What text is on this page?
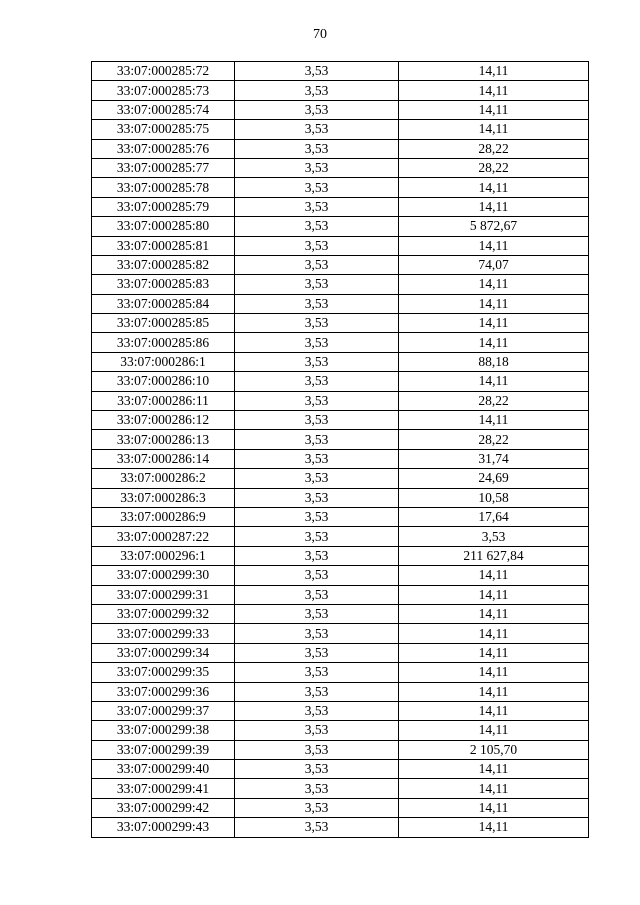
70
33:07:000285:72	3,53	14,11
33:07:000285:73	3,53	14,11
33:07:000285:74	3,53	14,11
33:07:000285:75	3,53	14,11
33:07:000285:76	3,53	28,22
33:07:000285:77	3,53	28,22
33:07:000285:78	3,53	14,11
33:07:000285:79	3,53	14,11
33:07:000285:80	3,53	5 872,67
33:07:000285:81	3,53	14,11
33:07:000285:82	3,53	74,07
33:07:000285:83	3,53	14,11
33:07:000285:84	3,53	14,11
33:07:000285:85	3,53	14,11
33:07:000285:86	3,53	14,11
33:07:000286:1	3,53	88,18
33:07:000286:10	3,53	14,11
33:07:000286:11	3,53	28,22
33:07:000286:12	3,53	14,11
33:07:000286:13	3,53	28,22
33:07:000286:14	3,53	31,74
33:07:000286:2	3,53	24,69
33:07:000286:3	3,53	10,58
33:07:000286:9	3,53	17,64
33:07:000287:22	3,53	3,53
33:07:000296:1	3,53	211 627,84
33:07:000299:30	3,53	14,11
33:07:000299:31	3,53	14,11
33:07:000299:32	3,53	14,11
33:07:000299:33	3,53	14,11
33:07:000299:34	3,53	14,11
33:07:000299:35	3,53	14,11
33:07:000299:36	3,53	14,11
33:07:000299:37	3,53	14,11
33:07:000299:38	3,53	14,11
33:07:000299:39	3,53	2 105,70
33:07:000299:40	3,53	14,11
33:07:000299:41	3,53	14,11
33:07:000299:42	3,53	14,11
33:07:000299:43	3,53	14,11
